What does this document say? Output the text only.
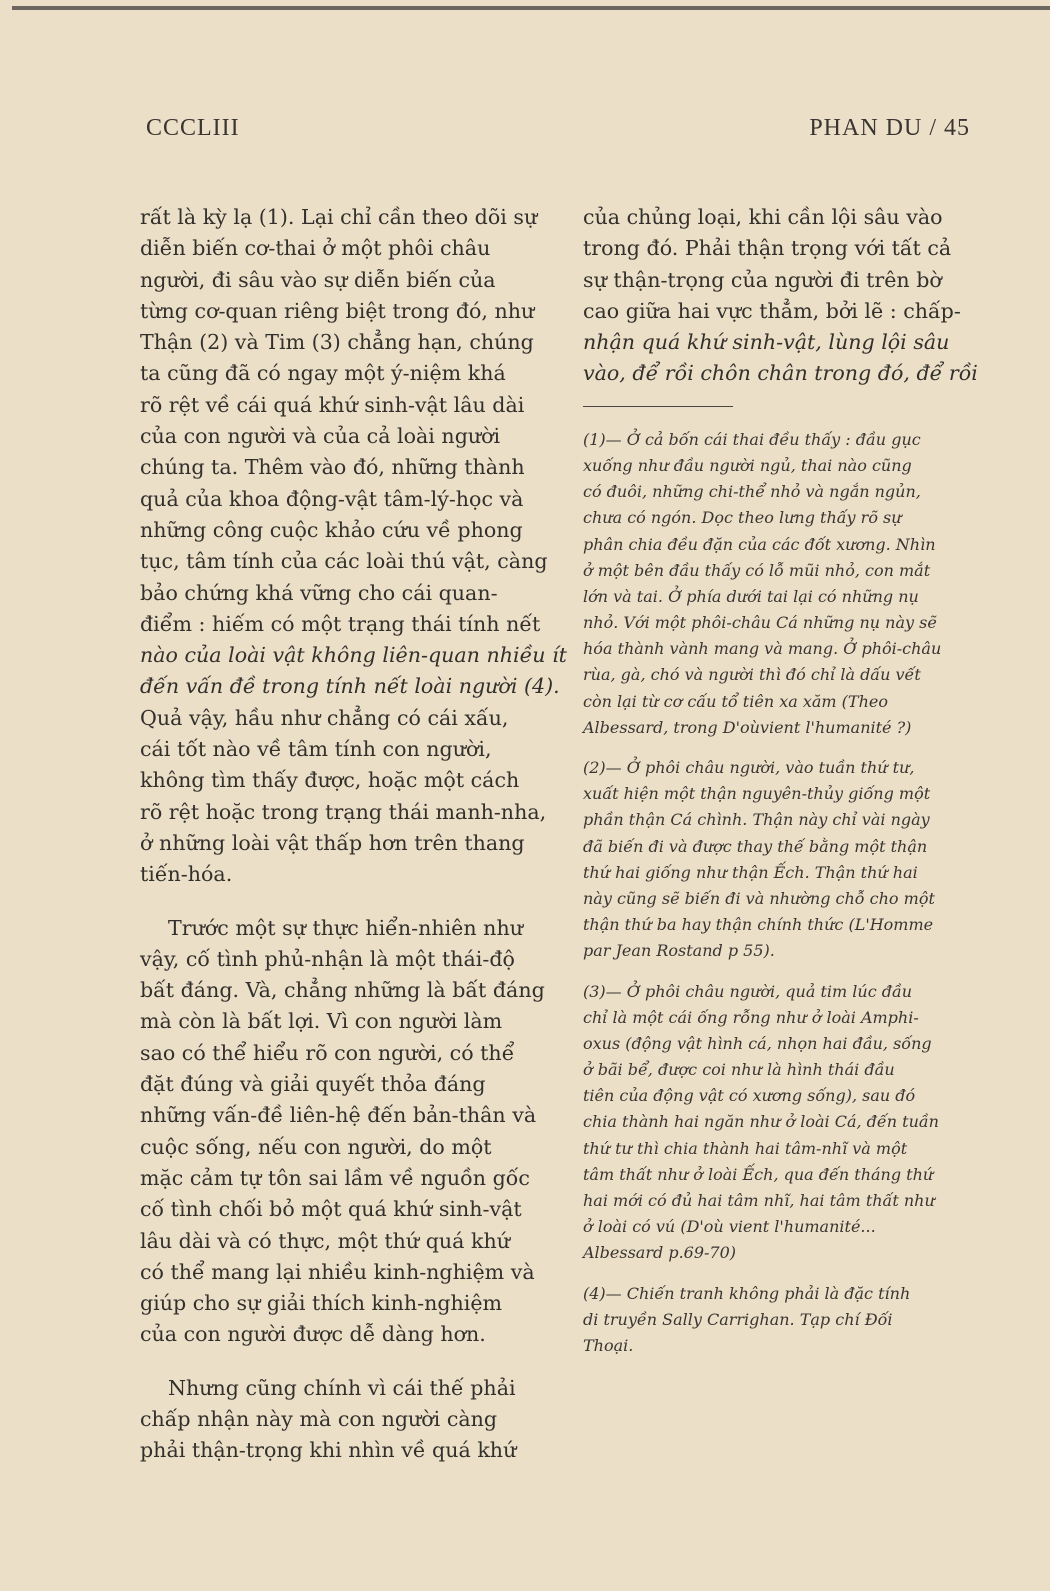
CCCLIII	PHAN DU / 45
rất là kỳ lạ (1). Lại chỉ cần theo dõi sự
diễn biến cơ-thai ở một phôi châu
người, đi sâu vào sự diễn biến của
từng cơ-quan riêng biệt trong đó, như
Thận (2) và Tim (3) chẳng hạn, chúng
ta cũng đã có ngay một ý-niệm khá
rõ rệt về cái quá khứ sinh-vật lâu dài
của con người và của cả loài người
chúng ta. Thêm vào đó, những thành
quả của khoa động-vật tâm-lý-học và
những công cuộc khảo cứu về phong
tục, tâm tính của các loài thú vật, càng
bảo chứng khá vững cho cái quan-
điểm : hiếm có một trạng thái tính nết
nào của loài vật không liên-quan nhiều ít
đến vấn đề trong tính nết loài người (4).
Quả vậy, hầu như chẳng có cái xấu,
cái tốt nào về tâm tính con người,
không tìm thấy được, hoặc một cách
rõ rệt hoặc trong trạng thái manh-nha,
ở những loài vật thấp hơn trên thang
tiến-hóa.
Trước một sự thực hiển-nhiên như
vậy, cố tình phủ-nhận là một thái-độ
bất đáng. Và, chẳng những là bất đáng
mà còn là bất lợi. Vì con người làm
sao có thể hiểu rõ con người, có thể
đặt đúng và giải quyết thỏa đáng
những vấn-đề liên-hệ đến bản-thân và
cuộc sống, nếu con người, do một
mặc cảm tự tôn sai lầm về nguồn gốc
cố tình chối bỏ một quá khứ sinh-vật
lâu dài và có thực, một thứ quá khứ
có thể mang lại nhiều kinh-nghiệm và
giúp cho sự giải thích kinh-nghiệm
của con người được dễ dàng hơn.
Nhưng cũng chính vì cái thế phải
chấp nhận này mà con người càng
phải thận-trọng khi nhìn về quá khứ
của chủng loại, khi cần lội sâu vào
trong đó. Phải thận trọng với tất cả
sự thận-trọng của người đi trên bờ
cao giữa hai vực thẳm, bởi lẽ : chấp-
nhận quá khứ sinh-vật, lùng lội sâu
vào, để rồi chôn chân trong đó, để rồi
(1)— Ở cả bốn cái thai đều thấy : đầu gục
xuống như đầu người ngủ, thai nào cũng
có đuôi, những chi-thể nhỏ và ngắn ngủn,
chưa có ngón. Dọc theo lưng thấy rõ sự
phân chia đều đặn của các đốt xương. Nhìn
ở một bên đầu thấy có lỗ mũi nhỏ, con mắt
lớn và tai. Ở phía dưới tai lại có những nụ
nhỏ. Với một phôi-châu Cá những nụ này sẽ
hóa thành vành mang và mang. Ở phôi-châu
rùa, gà, chó và người thì đó chỉ là dấu vết
còn lại từ cơ cấu tổ tiên xa xăm (Theo
Albessard, trong D'oùvient l'humanité ?)
(2)— Ở phôi châu người, vào tuần thứ tư,
xuất hiện một thận nguyên-thủy giống một
phần thận Cá chình. Thận này chỉ vài ngày
đã biến đi và được thay thế bằng một thận
thứ hai giống như thận Ếch. Thận thứ hai
này cũng sẽ biến đi và nhường chỗ cho một
thận thứ ba hay thận chính thức (L'Homme
par Jean Rostand p 55).
(3)— Ở phôi châu người, quả tim lúc đầu
chỉ là một cái ống rỗng như ở loài Amphi-
oxus (động vật hình cá, nhọn hai đầu, sống
ở bãi bể, được coi như là hình thái đầu
tiên của động vật có xương sống), sau đó
chia thành hai ngăn như ở loài Cá, đến tuần
thứ tư thì chia thành hai tâm-nhĩ và một
tâm thất như ở loài Ếch, qua đến tháng thứ
hai mới có đủ hai tâm nhĩ, hai tâm thất như
ở loài có vú (D'où vient l'humanité...
Albessard p.69-70)
(4)— Chiến tranh không phải là đặc tính
di truyền Sally Carrighan. Tạp chí Đối
Thoại.
